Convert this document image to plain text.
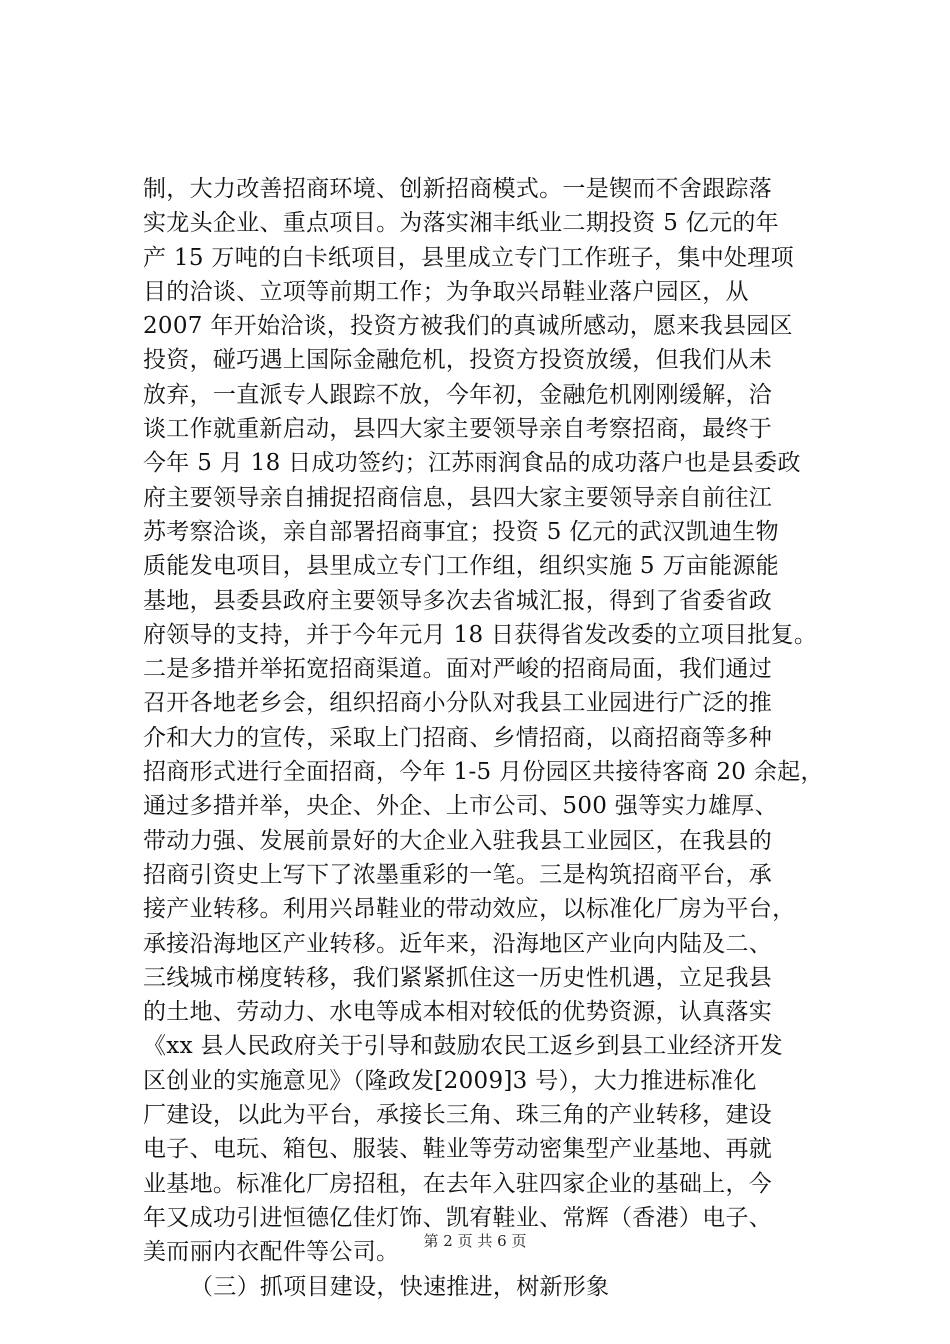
制，大力改善招商环境、创新招商模式。一是锲而不舍跟踪落
实龙头企业、重点项目。为落实湘丰纸业二期投资 5 亿元的年
产 15 万吨的白卡纸项目，县里成立专门工作班子，集中处理项
目的洽谈、立项等前期工作；为争取兴昂鞋业落户园区，从
2007 年开始洽谈，投资方被我们的真诚所感动，愿来我县园区
投资，碰巧遇上国际金融危机，投资方投资放缓，但我们从未
放弃，一直派专人跟踪不放，今年初，金融危机刚刚缓解，洽
谈工作就重新启动，县四大家主要领导亲自考察招商，最终于
今年 5 月 18 日成功签约；江苏雨润食品的成功落户也是县委政
府主要领导亲自捕捉招商信息，县四大家主要领导亲自前往江
苏考察洽谈，亲自部署招商事宜；投资 5 亿元的武汉凯迪生物
质能发电项目，县里成立专门工作组，组织实施 5 万亩能源能
基地，县委县政府主要领导多次去省城汇报，得到了省委省政
府领导的支持，并于今年元月 18 日获得省发改委的立项目批复。
二是多措并举拓宽招商渠道。面对严峻的招商局面，我们通过
召开各地老乡会，组织招商小分队对我县工业园进行广泛的推
介和大力的宣传，采取上门招商、乡情招商，以商招商等多种
招商形式进行全面招商，今年 1-5 月份园区共接待客商 20 余起，
通过多措并举，央企、外企、上市公司、500 强等实力雄厚、
带动力强、发展前景好的大企业入驻我县工业园区，在我县的
招商引资史上写下了浓墨重彩的一笔。三是构筑招商平台，承
接产业转移。利用兴昂鞋业的带动效应，以标准化厂房为平台，
承接沿海地区产业转移。近年来，沿海地区产业向内陆及二、
三线城市梯度转移，我们紧紧抓住这一历史性机遇，立足我县
的土地、劳动力、水电等成本相对较低的优势资源，认真落实
《xx 县人民政府关于引导和鼓励农民工返乡到县工业经济开发
区创业的实施意见》（隆政发[2009]3 号），大力推进标准化
厂建设，以此为平台，承接长三角、珠三角的产业转移，建设
电子、电玩、箱包、服装、鞋业等劳动密集型产业基地、再就
业基地。标准化厂房招租，在去年入驻四家企业的基础上，今
年又成功引进恒德亿佳灯饰、凯宥鞋业、常辉（香港）电子、
美而丽内衣配件等公司。
（三）抓项目建设，快速推进，树新形象
第 2 页 共 6 页
